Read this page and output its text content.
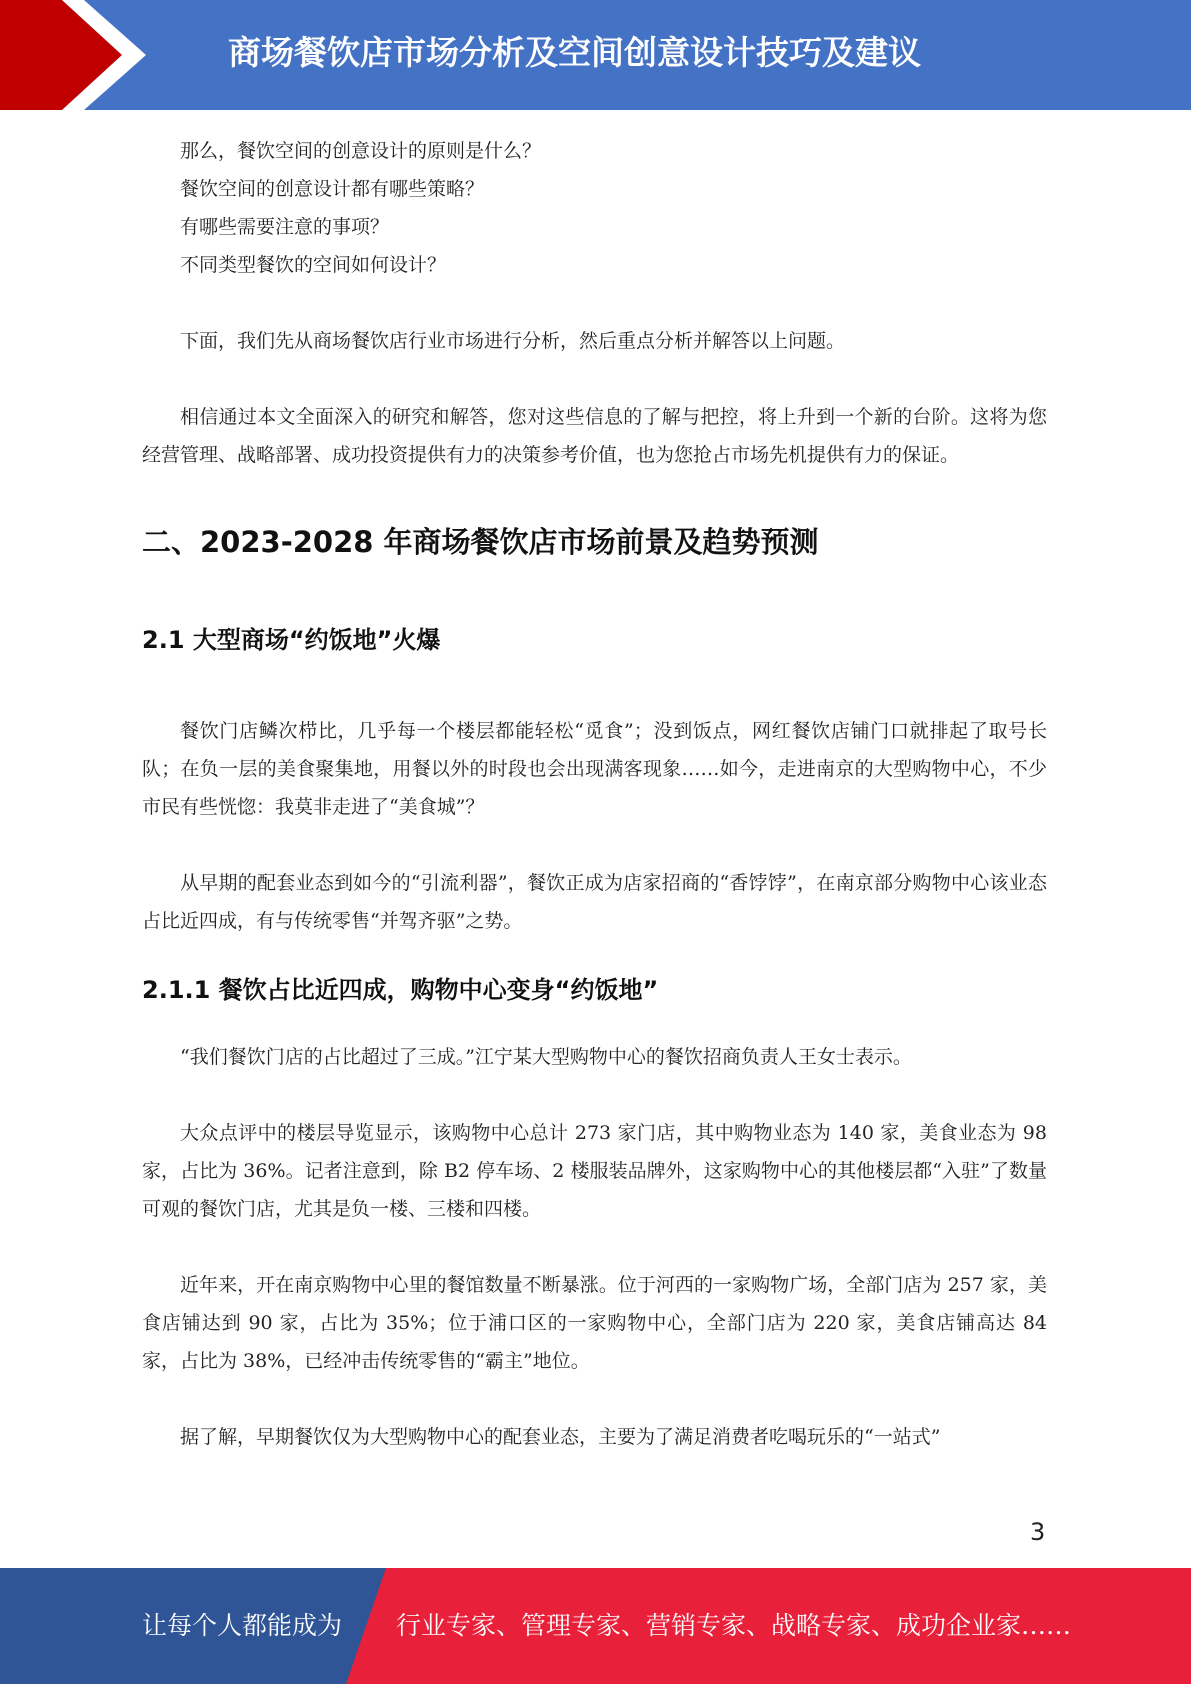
商场餐饮店市场分析及空间创意设计技巧及建议

那么，餐饮空间的创意设计的原则是什么？

餐饮空间的创意设计都有哪些策略？

有哪些需要注意的事项？

不同类型餐饮的空间如何设计？

下面，我们先从商场餐饮店行业市场进行分析，然后重点分析并解答以上问题。

相信通过本文全面深入的研究和解答，您对这些信息的了解与把控，将上升到一个新的台阶。这将为您经营管理、战略部署、成功投资提供有力的决策参考价值，也为您抢占市场先机提供有力的保证。

二、2023-2028 年商场餐饮店市场前景及趋势预测
2.1 大型商场“约饭地”火爆

餐饮门店鳞次栉比，几乎每一个楼层都能轻松“觅食”；没到饭点，网红餐饮店铺门口就排起了取号长队；在负一层的美食聚集地，用餐以外的时段也会出现满客现象……如今，走进南京的大型购物中心，不少市民有些恍惚：我莫非走进了“美食城”？

从早期的配套业态到如今的“引流利器”，餐饮正成为店家招商的“香饽饽”，在南京部分购物中心该业态占比近四成，有与传统零售“并驾齐驱”之势。

2.1.1 餐饮占比近四成，购物中心变身“约饭地”

“我们餐饮门店的占比超过了三成。”江宁某大型购物中心的餐饮招商负责人王女士表示。

大众点评中的楼层导览显示，该购物中心总计 273 家门店，其中购物业态为 140 家，美食业态为 98 家，占比为 36%。记者注意到，除 B2 停车场、2 楼服装品牌外，这家购物中心的其他楼层都“入驻”了数量可观的餐饮门店，尤其是负一楼、三楼和四楼。

近年来，开在南京购物中心里的餐馆数量不断暴涨。位于河西的一家购物广场，全部门店为 257 家，美食店铺达到 90 家，占比为 35%；位于浦口区的一家购物中心，全部门店为 220 家，美食店铺高达 84 家，占比为 38%，已经冲击传统零售的“霸主”地位。

据了解，早期餐饮仅为大型购物中心的配套业态，主要为了满足消费者吃喝玩乐的“一站式”

3
让每个人都能成为 行业专家、管理专家、营销专家、战略专家、成功企业家……
